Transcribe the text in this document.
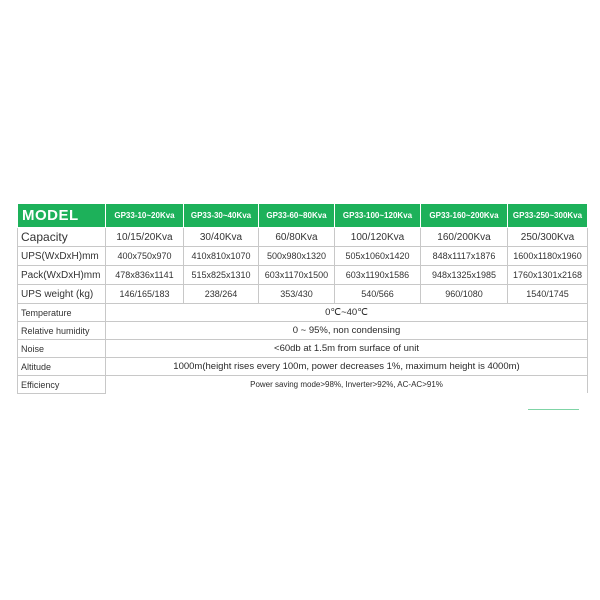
MODEL	GP33-10~20Kva	GP33-30~40Kva	GP33-60~80Kva	GP33-100~120Kva	GP33-160~200Kva	GP33-250~300Kva
Capacity	10/15/20Kva	30/40Kva	60/80Kva	100/120Kva	160/200Kva	250/300Kva
UPS(WxDxH)mm	400x750x970	410x810x1070	500x980x1320	505x1060x1420	848x1117x1876	1600x1180x1960
Pack(WxDxH)mm	478x836x1141	515x825x1310	603x1170x1500	603x1190x1586	948x1325x1985	1760x1301x2168
UPS weight (kg)	146/165/183	238/264	353/430	540/566	960/1080	1540/1745
Temperature	0℃~40℃					
Relative humidity	0 ~ 95%, non condensing					
Noise	<60db at 1.5m from surface of unit					
Altitude	1000m(height rises every 100m, power decreases 1%, maximum height is 4000m)					
Efficiency	Power saving mode>98%, Inverter>92%, AC-AC>91%					
